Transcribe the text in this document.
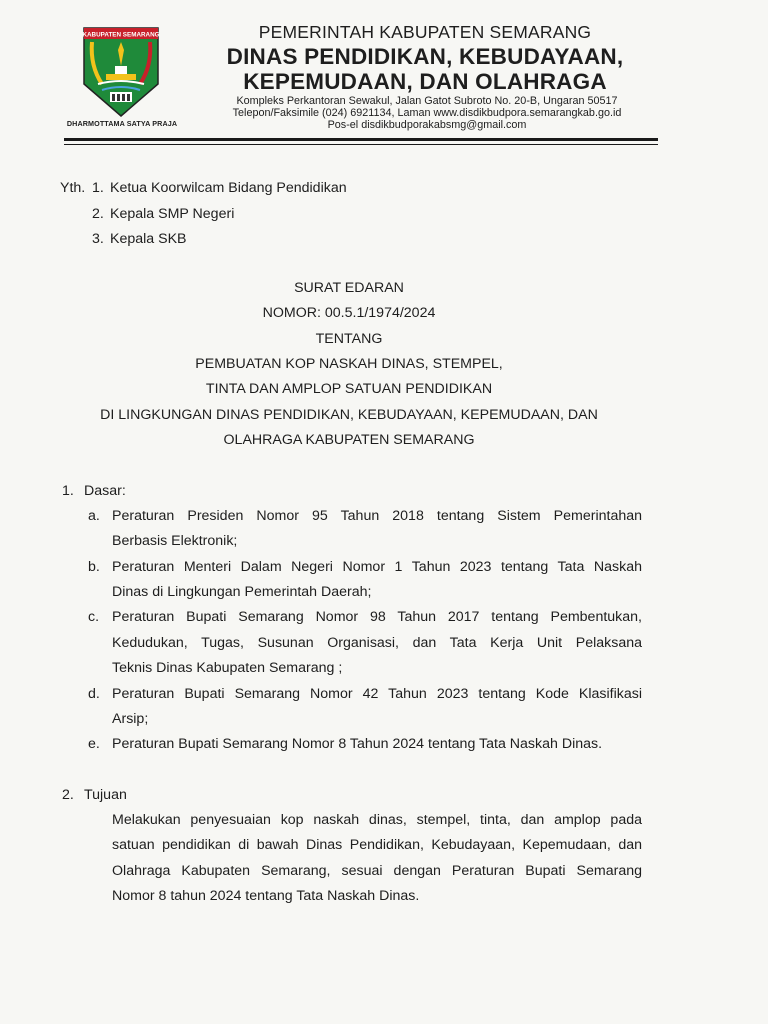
KABUPATEN SEMARANG
DHARMOTTAMA SATYA PRAJA
PEMERINTAH KABUPATEN SEMARANG
DINAS PENDIDIKAN, KEBUDAYAAN,
KEPEMUDAAN, DAN OLAHRAGA
Kompleks Perkantoran Sewakul, Jalan Gatot Subroto No. 20-B, Ungaran 50517
Telepon/Faksimile (024) 6921134, Laman www.disdikbudpora.semarangkab.go.id
Pos-el disdikbudporakabsmg@gmail.com
Yth. 1. Ketua Koorwilcam Bidang Pendidikan
2. Kepala SMP Negeri
3. Kepala SKB
SURAT EDARAN
NOMOR: 00.5.1/1974/2024
TENTANG
PEMBUATAN KOP NASKAH DINAS, STEMPEL,
TINTA DAN AMPLOP SATUAN PENDIDIKAN
DI LINGKUNGAN DINAS PENDIDIKAN, KEBUDAYAAN, KEPEMUDAAN, DAN
OLAHRAGA KABUPATEN SEMARANG
1. Dasar:
a. Peraturan Presiden Nomor 95 Tahun 2018 tentang Sistem Pemerintahan
Berbasis Elektronik;
b. Peraturan Menteri Dalam Negeri Nomor 1 Tahun 2023 tentang Tata Naskah
Dinas di Lingkungan Pemerintah Daerah;
c. Peraturan Bupati Semarang Nomor 98 Tahun 2017 tentang Pembentukan,
Kedudukan, Tugas, Susunan Organisasi, dan Tata Kerja Unit Pelaksana
Teknis Dinas Kabupaten Semarang ;
d. Peraturan Bupati Semarang Nomor 42 Tahun 2023 tentang Kode Klasifikasi
Arsip;
e. Peraturan Bupati Semarang Nomor 8 Tahun 2024 tentang Tata Naskah Dinas.
2. Tujuan
Melakukan penyesuaian kop naskah dinas, stempel, tinta, dan amplop pada
satuan pendidikan di bawah Dinas Pendidikan, Kebudayaan, Kepemudaan, dan
Olahraga Kabupaten Semarang, sesuai dengan Peraturan Bupati Semarang
Nomor 8 tahun 2024 tentang Tata Naskah Dinas.
